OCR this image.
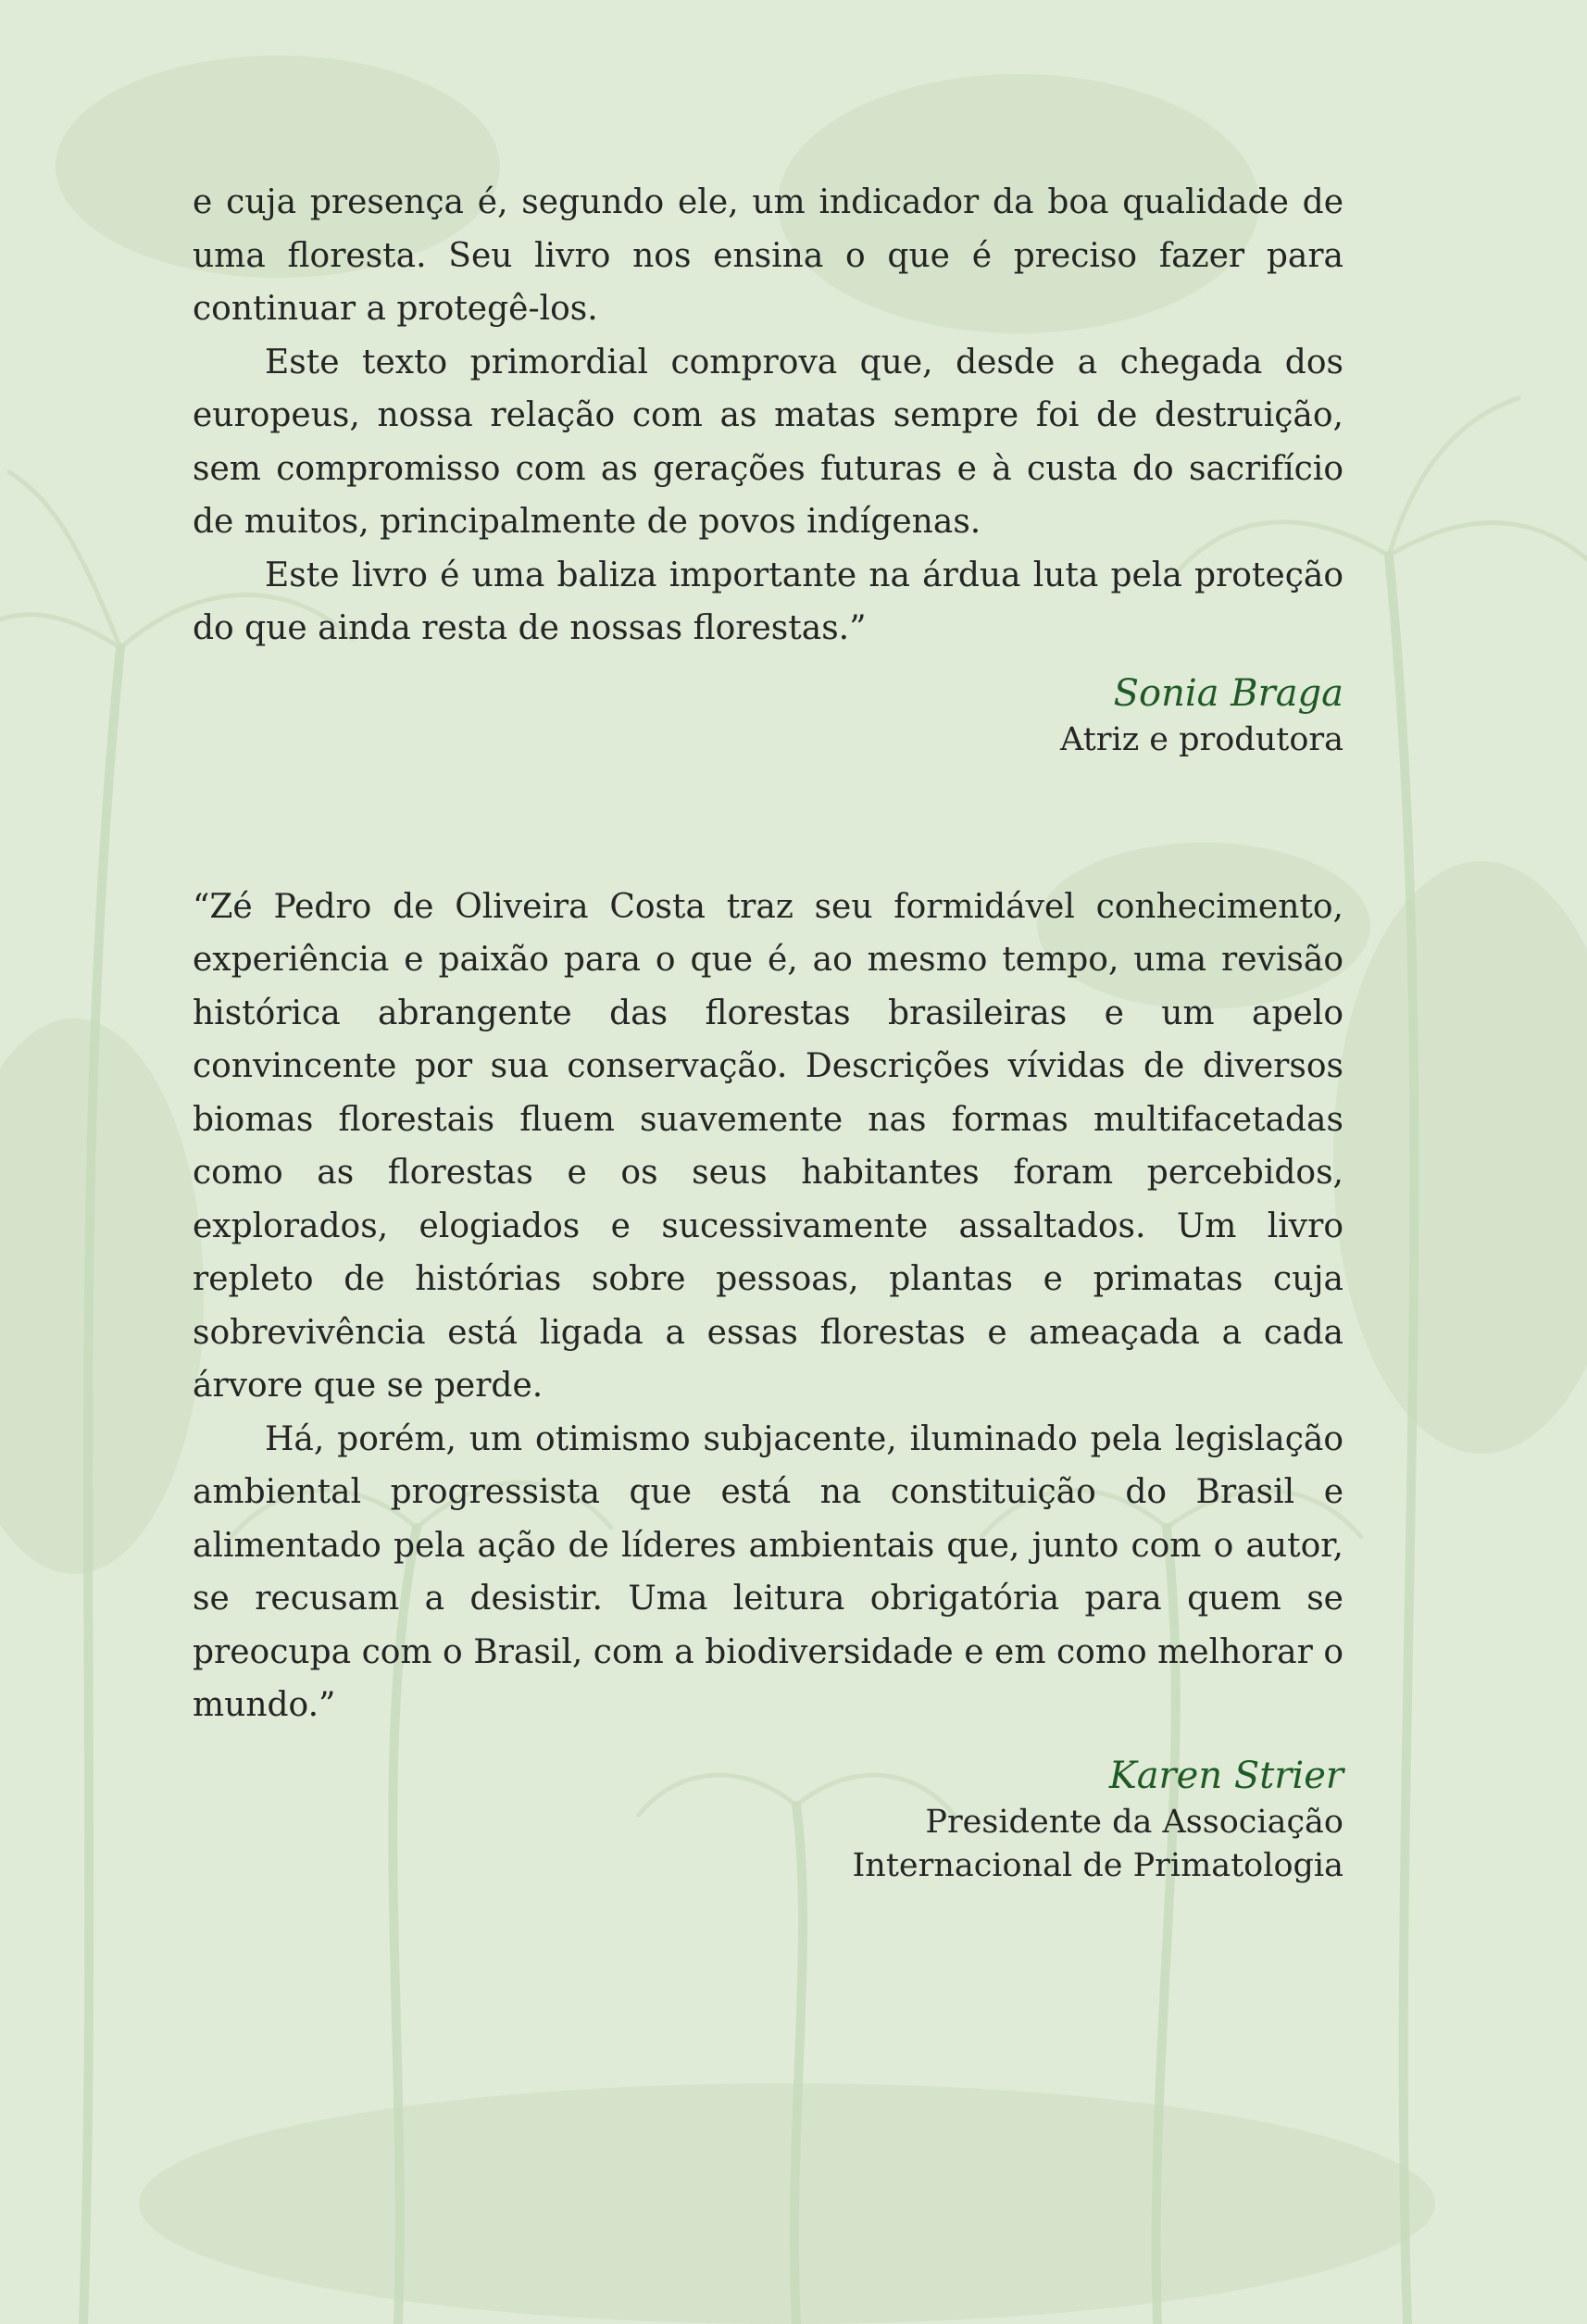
e cuja presença é, segundo ele, um indicador da boa qualidade de uma floresta. Seu livro nos ensina o que é preciso fazer para continuar a protegê-los.

Este texto primordial comprova que, desde a chegada dos europeus, nossa relação com as matas sempre foi de destruição, sem compromisso com as gerações futuras e à custa do sacrifício de muitos, principalmente de povos indígenas.

Este livro é uma baliza importante na árdua luta pela proteção do que ainda resta de nossas florestas.”

Sonia Braga
Atriz e produtora

“Zé Pedro de Oliveira Costa traz seu formidável conhecimento, experiência e paixão para o que é, ao mesmo tempo, uma revisão histórica abrangente das florestas brasileiras e um apelo convincente por sua conservação. Descrições vívidas de diversos biomas florestais fluem suavemente nas formas multifacetadas como as florestas e os seus habitantes foram percebidos, explorados, elogiados e sucessivamente assaltados. Um livro repleto de histórias sobre pessoas, plantas e primatas cuja sobrevivência está ligada a essas florestas e ameaçada a cada árvore que se perde.

Há, porém, um otimismo subjacente, iluminado pela legislação ambiental progressista que está na constituição do Brasil e alimentado pela ação de líderes ambientais que, junto com o autor, se recusam a desistir. Uma leitura obrigatória para quem se preocupa com o Brasil, com a biodiversidade e em como melhorar o mundo.”

Karen Strier
Presidente da Associação
Internacional de Primatologia
